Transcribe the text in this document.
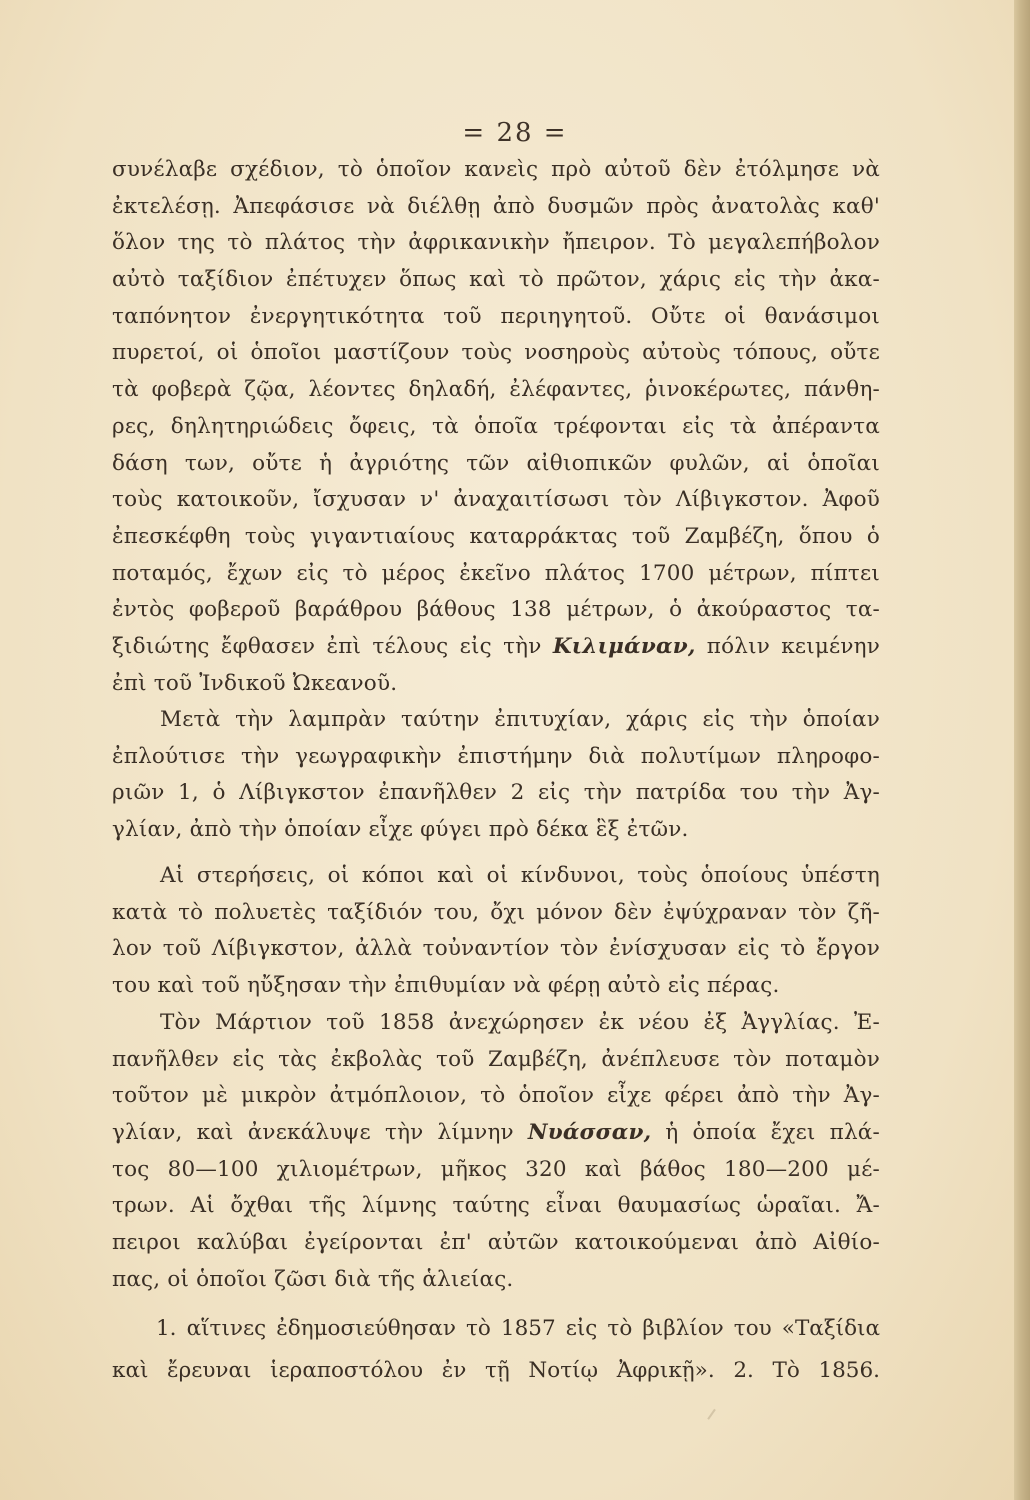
= 28 =
συνέλαβε σχέδιον, τὸ ὁποῖον κανεὶς πρὸ αὐτοῦ δὲν ἐτόλμησε νὰ
ἐκτελέσῃ. Ἀπεφάσισε νὰ διέλθῃ ἀπὸ δυσμῶν πρὸς ἀνατολὰς καθ'
ὅλον της τὸ πλάτος τὴν ἀφρικανικὴν ἤπειρον. Τὸ μεγαλεπήβολον
αὐτὸ ταξίδιον ἐπέτυχεν ὅπως καὶ τὸ πρῶτον, χάρις εἰς τὴν ἀκα-
ταπόνητον ἐνεργητικότητα τοῦ περιηγητοῦ. Οὔτε οἱ θανάσιμοι
πυρετοί, οἱ ὁποῖοι μαστίζουν τοὺς νοσηροὺς αὐτοὺς τόπους, οὔτε
τὰ φοβερὰ ζῷα, λέοντες δηλαδή, ἐλέφαντες, ῥινοκέρωτες, πάνθη-
ρες, δηλητηριώδεις ὄφεις, τὰ ὁποῖα τρέφονται εἰς τὰ ἀπέραντα
δάση των, οὔτε ἡ ἀγριότης τῶν αἰθιοπικῶν φυλῶν, αἱ ὁποῖαι
τοὺς κατοικοῦν, ἴσχυσαν ν' ἀναχαιτίσωσι τὸν Λίβιγκστον. Ἀφοῦ
ἐπεσκέφθη τοὺς γιγαντιαίους καταρράκτας τοῦ Ζαμβέζη, ὅπου ὁ
ποταμός, ἔχων εἰς τὸ μέρος ἐκεῖνο πλάτος 1700 μέτρων, πίπτει
ἐντὸς φοβεροῦ βαράθρου βάθους 138 μέτρων, ὁ ἀκούραστος τα-
ξιδιώτης ἔφθασεν ἐπὶ τέλους εἰς τὴν Κιλιμάναν, πόλιν κειμένην
ἐπὶ τοῦ Ἰνδικοῦ Ὠκεανοῦ.
Μετὰ τὴν λαμπρὰν ταύτην ἐπιτυχίαν, χάρις εἰς τὴν ὁποίαν
ἐπλούτισε τὴν γεωγραφικὴν ἐπιστήμην διὰ πολυτίμων πληροφο-
ριῶν 1, ὁ Λίβιγκστον ἐπανῆλθεν 2 εἰς τὴν πατρίδα του τὴν Ἀγ-
γλίαν, ἀπὸ τὴν ὁποίαν εἶχε φύγει πρὸ δέκα ἓξ ἐτῶν.
Αἱ στερήσεις, οἱ κόποι καὶ οἱ κίνδυνοι, τοὺς ὁποίους ὑπέστη
κατὰ τὸ πολυετὲς ταξίδιόν του, ὄχι μόνον δὲν ἐψύχραναν τὸν ζῆ-
λον τοῦ Λίβιγκστον, ἀλλὰ τοὐναντίον τὸν ἐνίσχυσαν εἰς τὸ ἔργον
του καὶ τοῦ ηὔξησαν τὴν ἐπιθυμίαν νὰ φέρῃ αὐτὸ εἰς πέρας.
Τὸν Μάρτιον τοῦ 1858 ἀνεχώρησεν ἐκ νέου ἐξ Ἀγγλίας. Ἐ-
πανῆλθεν εἰς τὰς ἐκβολὰς τοῦ Ζαμβέζη, ἀνέπλευσε τὸν ποταμὸν
τοῦτον μὲ μικρὸν ἀτμόπλοιον, τὸ ὁποῖον εἶχε φέρει ἀπὸ τὴν Ἀγ-
γλίαν, καὶ ἀνεκάλυψε τὴν λίμνην Νυάσσαν, ἡ ὁποία ἔχει πλά-
τος 80—100 χιλιομέτρων, μῆκος 320 καὶ βάθος 180—200 μέ-
τρων. Αἱ ὄχθαι τῆς λίμνης ταύτης εἶναι θαυμασίως ὡραῖαι. Ἄ-
πειροι καλύβαι ἐγείρονται ἐπ' αὐτῶν κατοικούμεναι ἀπὸ Αἰθίο-
πας, οἱ ὁποῖοι ζῶσι διὰ τῆς ἁλιείας.
1. αἵτινες ἐδημοσιεύθησαν τὸ 1857 εἰς τὸ βιβλίον του «Ταξίδια
καὶ ἔρευναι ἱεραποστόλου ἐν τῇ Νοτίῳ Ἀφρικῇ». 2. Τὸ 1856.
